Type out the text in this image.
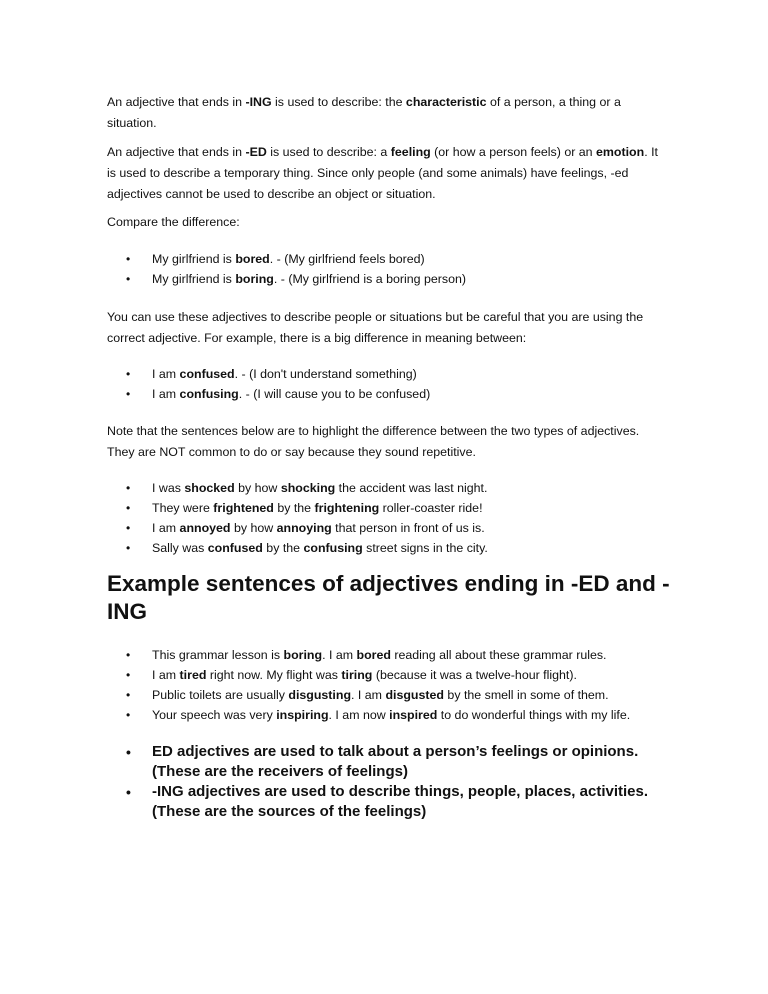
An adjective that ends in -ING is used to describe: the characteristic of a person, a thing or a situation.

An adjective that ends in -ED is used to describe: a feeling (or how a person feels) or an emotion. It is used to describe a temporary thing. Since only people (and some animals) have feelings, -ed adjectives cannot be used to describe an object or situation.

Compare the difference:

• My girlfriend is bored. - (My girlfriend feels bored)
• My girlfriend is boring. - (My girlfriend is a boring person)

You can use these adjectives to describe people or situations but be careful that you are using the correct adjective. For example, there is a big difference in meaning between:

• I am confused. - (I don't understand something)
• I am confusing. - (I will cause you to be confused)

Note that the sentences below are to highlight the difference between the two types of adjectives. They are NOT common to do or say because they sound repetitive.

• I was shocked by how shocking the accident was last night.
• They were frightened by the frightening roller-coaster ride!
• I am annoyed by how annoying that person in front of us is.
• Sally was confused by the confusing street signs in the city.
Example sentences of adjectives ending in -ED and -ING
• This grammar lesson is boring. I am bored reading all about these grammar rules.
• I am tired right now. My flight was tiring (because it was a twelve-hour flight).
• Public toilets are usually disgusting. I am disgusted by the smell in some of them.
• Your speech was very inspiring. I am now inspired to do wonderful things with my life.
• ED adjectives are used to talk about a person’s feelings or opinions. (These are the receivers of feelings)
• -ING adjectives are used to describe things, people, places, activities. (These are the sources of the feelings)
